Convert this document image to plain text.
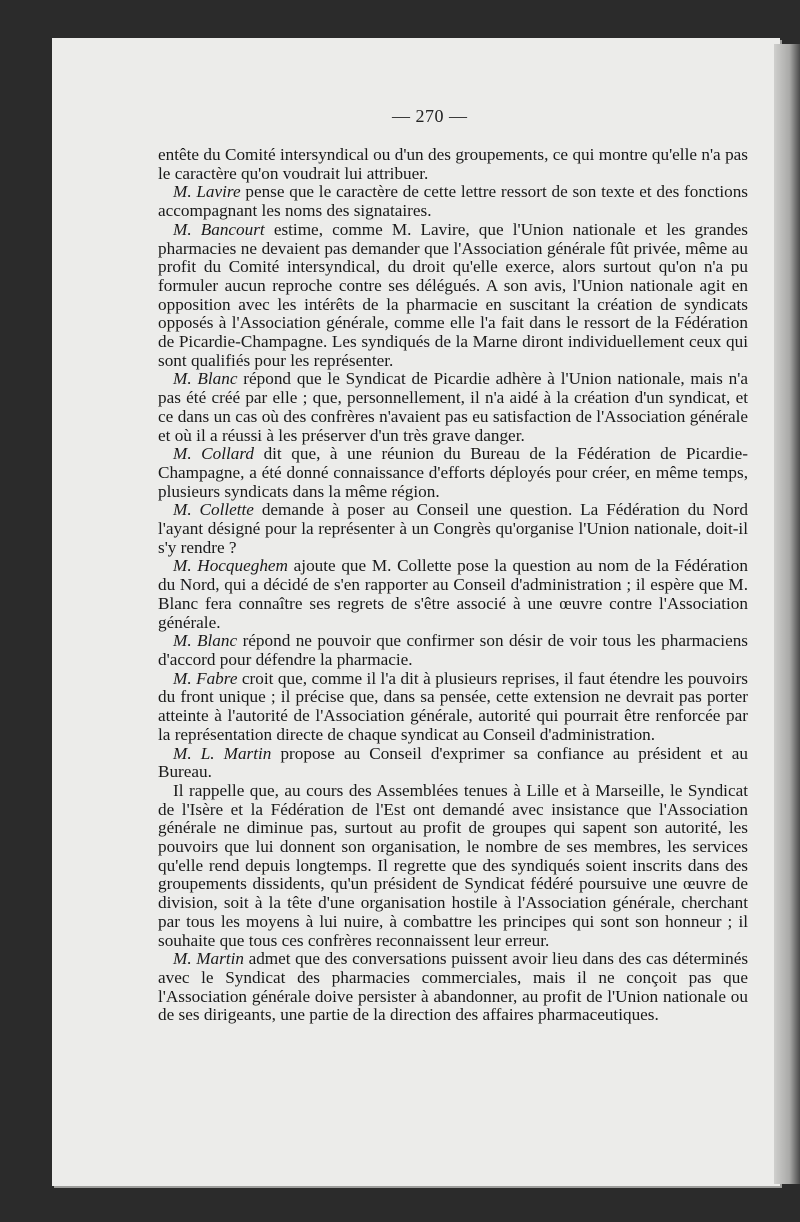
— 270 —

entête du Comité intersyndical ou d'un des groupements, ce qui montre qu'elle n'a pas le caractère qu'on voudrait lui attribuer.

M. Lavire pense que le caractère de cette lettre ressort de son texte et des fonctions accompagnant les noms des signataires.

M. Bancourt estime, comme M. Lavire, que l'Union nationale et les grandes pharmacies ne devaient pas demander que l'Association générale fût privée, même au profit du Comité intersyndical, du droit qu'elle exerce, alors surtout qu'on n'a pu formuler aucun reproche contre ses délégués. A son avis, l'Union nationale agit en opposition avec les intérêts de la pharmacie en suscitant la création de syndicats opposés à l'Association générale, comme elle l'a fait dans le ressort de la Fédération de Picardie-Champagne. Les syndiqués de la Marne diront individuellement ceux qui sont qualifiés pour les représenter.

M. Blanc répond que le Syndicat de Picardie adhère à l'Union nationale, mais n'a pas été créé par elle ; que, personnellement, il n'a aidé à la création d'un syndicat, et ce dans un cas où des confrères n'avaient pas eu satisfaction de l'Association générale et où il a réussi à les préserver d'un très grave danger.

M. Collard dit que, à une réunion du Bureau de la Fédération de Picardie-Champagne, a été donné connaissance d'efforts déployés pour créer, en même temps, plusieurs syndicats dans la même région.

M. Collette demande à poser au Conseil une question. La Fédération du Nord l'ayant désigné pour la représenter à un Congrès qu'organise l'Union nationale, doit-il s'y rendre ?

M. Hocqueghem ajoute que M. Collette pose la question au nom de la Fédération du Nord, qui a décidé de s'en rapporter au Conseil d'administration ; il espère que M. Blanc fera connaître ses regrets de s'être associé à une œuvre contre l'Association générale.

M. Blanc répond ne pouvoir que confirmer son désir de voir tous les pharmaciens d'accord pour défendre la pharmacie.

M. Fabre croit que, comme il l'a dit à plusieurs reprises, il faut étendre les pouvoirs du front unique ; il précise que, dans sa pensée, cette extension ne devrait pas porter atteinte à l'autorité de l'Association générale, autorité qui pourrait être renforcée par la représentation directe de chaque syndicat au Conseil d'administration.

M. L. Martin propose au Conseil d'exprimer sa confiance au président et au Bureau.

Il rappelle que, au cours des Assemblées tenues à Lille et à Marseille, le Syndicat de l'Isère et la Fédération de l'Est ont demandé avec insistance que l'Association générale ne diminue pas, surtout au profit de groupes qui sapent son autorité, les pouvoirs que lui donnent son organisation, le nombre de ses membres, les services qu'elle rend depuis longtemps. Il regrette que des syndiqués soient inscrits dans des groupements dissidents, qu'un président de Syndicat fédéré poursuive une œuvre de division, soit à la tête d'une organisation hostile à l'Association générale, cherchant par tous les moyens à lui nuire, à combattre les principes qui sont son honneur ; il souhaite que tous ces confrères reconnaissent leur erreur.

M. Martin admet que des conversations puissent avoir lieu dans des cas déterminés avec le Syndicat des pharmacies commerciales, mais il ne conçoit pas que l'Association générale doive persister à abandonner, au profit de l'Union nationale ou de ses dirigeants, une partie de la direction des affaires pharmaceutiques.
